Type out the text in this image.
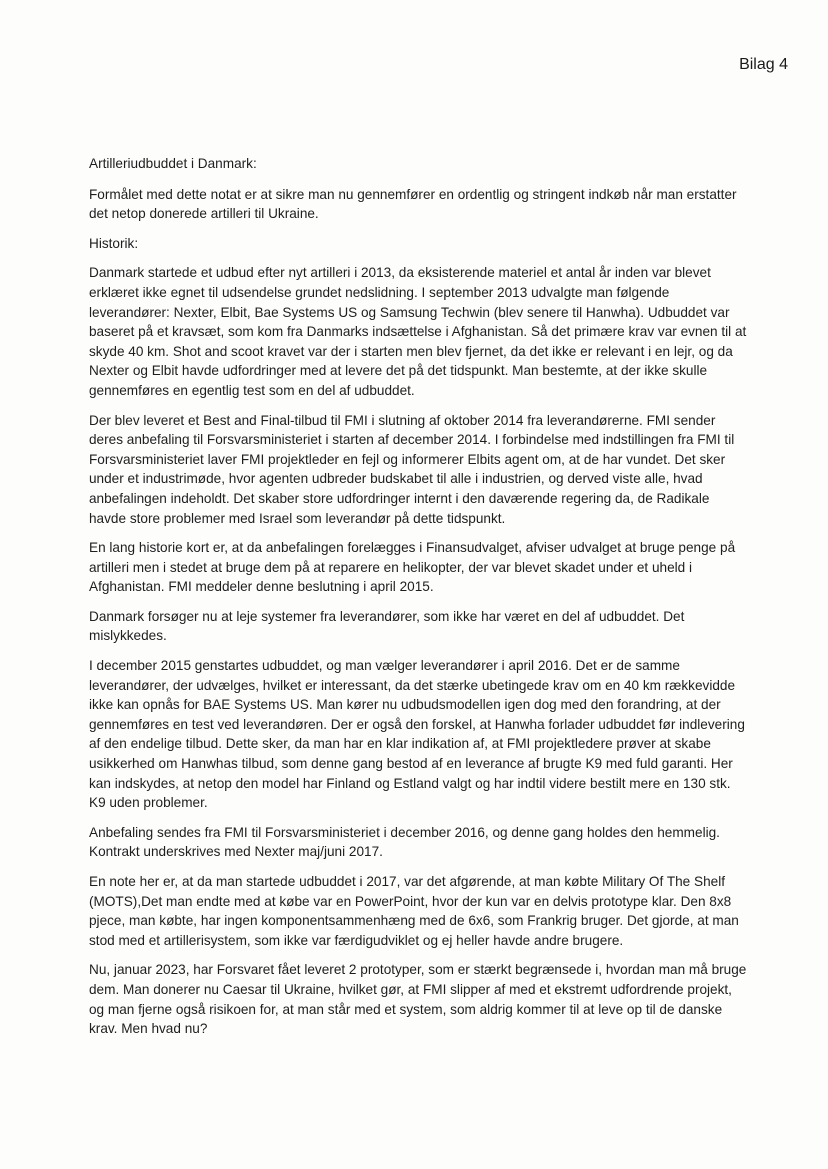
Bilag 4

Artilleriudbuddet i Danmark:

Formålet med dette notat er at sikre man nu gennemfører en ordentlig og stringent indkøb når man erstatter det netop donerede artilleri til Ukraine.

Historik:

Danmark startede et udbud efter nyt artilleri i 2013, da eksisterende materiel et antal år inden var blevet erklæret ikke egnet til udsendelse grundet nedslidning. I september 2013 udvalgte man følgende leverandører: Nexter, Elbit, Bae Systems US og Samsung Techwin (blev senere til Hanwha). Udbuddet var baseret på et kravsæt, som kom fra Danmarks indsættelse i Afghanistan. Så det primære krav var evnen til at skyde 40 km. Shot and scoot kravet var der i starten men blev fjernet, da det ikke er relevant i en lejr, og da Nexter og Elbit havde udfordringer med at levere det på det tidspunkt. Man bestemte, at der ikke skulle gennemføres en egentlig test som en del af udbuddet.

Der blev leveret et Best and Final-tilbud til FMI i slutning af oktober 2014 fra leverandørerne. FMI sender deres anbefaling til Forsvarsministeriet i starten af december 2014. I forbindelse med indstillingen fra FMI til Forsvarsministeriet laver FMI projektleder en fejl og informerer Elbits agent om, at de har vundet. Det sker under et industrimøde, hvor agenten udbreder budskabet til alle i industrien, og derved viste alle, hvad anbefalingen indeholdt. Det skaber store udfordringer internt i den daværende regering da, de Radikale havde store problemer med Israel som leverandør på dette tidspunkt.

En lang historie kort er, at da anbefalingen forelægges i Finansudvalget, afviser udvalget at bruge penge på artilleri men i stedet at bruge dem på at reparere en helikopter, der var blevet skadet under et uheld i Afghanistan. FMI meddeler denne beslutning i april 2015.

Danmark forsøger nu at leje systemer fra leverandører, som ikke har været en del af udbuddet. Det mislykkedes.

I december 2015 genstartes udbuddet, og man vælger leverandører i april 2016. Det er de samme leverandører, der udvælges, hvilket er interessant, da det stærke ubetingede krav om en 40 km rækkevidde ikke kan opnås for BAE Systems US. Man kører nu udbudsmodellen igen dog med den forandring, at der gennemføres en test ved leverandøren. Der er også den forskel, at Hanwha forlader udbuddet før indlevering af den endelige tilbud. Dette sker, da man har en klar indikation af, at FMI projektledere prøver at skabe usikkerhed om Hanwhas tilbud, som denne gang bestod af en leverance af brugte K9 med fuld garanti. Her kan indskydes, at netop den model har Finland og Estland valgt og har indtil videre bestilt mere en 130 stk. K9 uden problemer.

Anbefaling sendes fra FMI til Forsvarsministeriet i december 2016, og denne gang holdes den hemmelig. Kontrakt underskrives med Nexter maj/juni 2017.

En note her er, at da man startede udbuddet i 2017, var det afgørende, at man købte Military Of The Shelf (MOTS),Det man endte med at købe var en PowerPoint, hvor der kun var en delvis prototype klar. Den 8x8 pjece, man købte, har ingen komponentsammenhæng med de 6x6, som Frankrig bruger. Det gjorde, at man stod med et artillerisystem, som ikke var færdigudviklet og ej heller havde andre brugere.

Nu, januar 2023, har Forsvaret fået leveret 2 prototyper, som er stærkt begrænsede i, hvordan man må bruge dem. Man donerer nu Caesar til Ukraine, hvilket gør, at FMI slipper af med et ekstremt udfordrende projekt, og man fjerne også risikoen for, at man står med et system, som aldrig kommer til at leve op til de danske krav. Men hvad nu?
